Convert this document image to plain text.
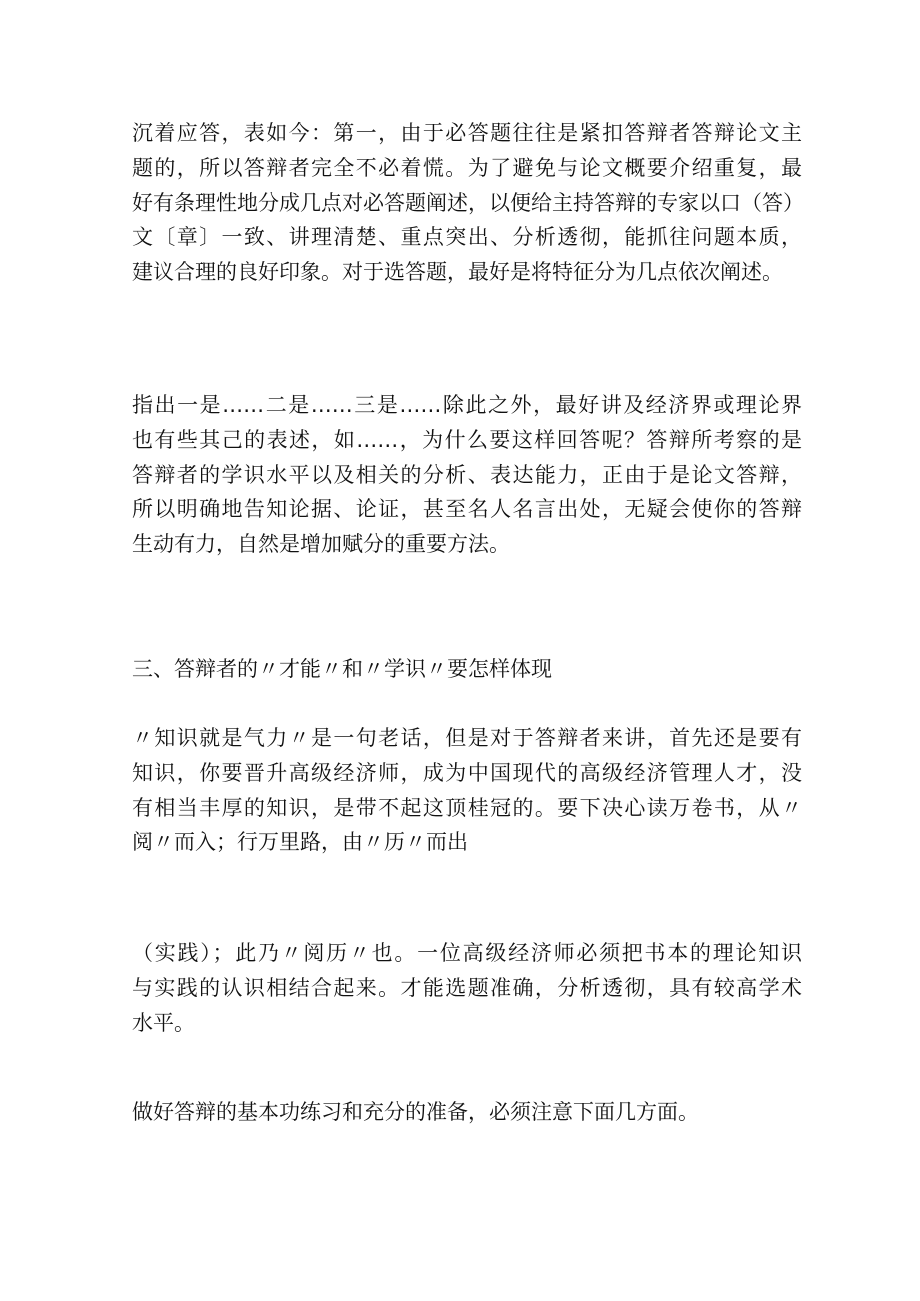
沉着应答，表如今：第一，由于必答题往往是紧扣答辩者答辩论文主
题的，所以答辩者完全不必着慌。为了避免与论文概要介绍重复，最
好有条理性地分成几点对必答题阐述，以便给主持答辩的专家以口（答）
文〔章〕一致、讲理清楚、重点突出、分析透彻，能抓往问题本质，
建议合理的良好印象。对于选答题，最好是将特征分为几点依次阐述。
指出一是……二是……三是……除此之外，最好讲及经济界或理论界
也有些其己的表述，如……，为什么要这样回答呢？答辩所考察的是
答辩者的学识水平以及相关的分析、表达能力，正由于是论文答辩，
所以明确地告知论据、论证，甚至名人名言出处，无疑会使你的答辩
生动有力，自然是增加赋分的重要方法。
三、答辩者的〃才能〃和〃学识〃要怎样体现
〃知识就是气力〃是一句老话，但是对于答辩者来讲，首先还是要有
知识，你要晋升高级经济师，成为中国现代的高级经济管理人才，没
有相当丰厚的知识，是带不起这顶桂冠的。要下决心读万卷书，从〃
阅〃而入；行万里路，由〃历〃而出
（实践）；此乃〃阅历〃也。一位高级经济师必须把书本的理论知识
与实践的认识相结合起来。才能选题准确，分析透彻，具有较高学术
水平。
做好答辩的基本功练习和充分的准备，必须注意下面几方面。
